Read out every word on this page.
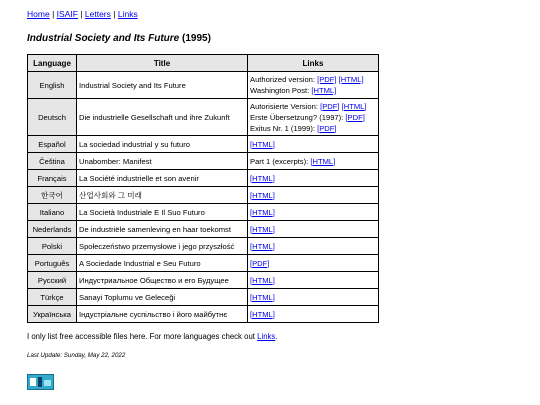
Home | ISAIF | Letters | Links
Industrial Society and Its Future (1995)
Language	Title	Links
English	Industrial Society and Its Future	Authorized version: [PDF] [HTML]
Washington Post: [HTML]

Deutsch	Die industrielle Gesellschaft und ihre Zukunft	Autorisierte Version: [PDF] [HTML]
Erste Übersetzung? (1997): [PDF]
Exitus Nr. 1 (1999): [PDF]

Español	La sociedad industrial y su futuro	[HTML]

Čeština	Unabomber: Manifest	Part 1 (excerpts): [HTML]

Français	La Société industrielle et son avenir	[HTML]

한국어	산업사회와 그 미래	[HTML]

Italiano	La Società Industriale E Il Suo Futuro	[HTML]

Nederlands	De industriële samenleving en haar toekomst	[HTML]

Polski	Społeczeństwo przemysłowe i jego przyszłość	[HTML]

Português	A Sociedade Industrial e Seu Futuro	[PDF]

Русский	Индустриальное Общество и его Будущее	[HTML]

Türkçe	Sanayi Toplumu ve Geleceği	[HTML]

Українська	Індустріальне суспільство і його майбутнє	[HTML]
I only list free accessible files here. For more languages check out Links.
Last Update: Sunday, May 22, 2022
